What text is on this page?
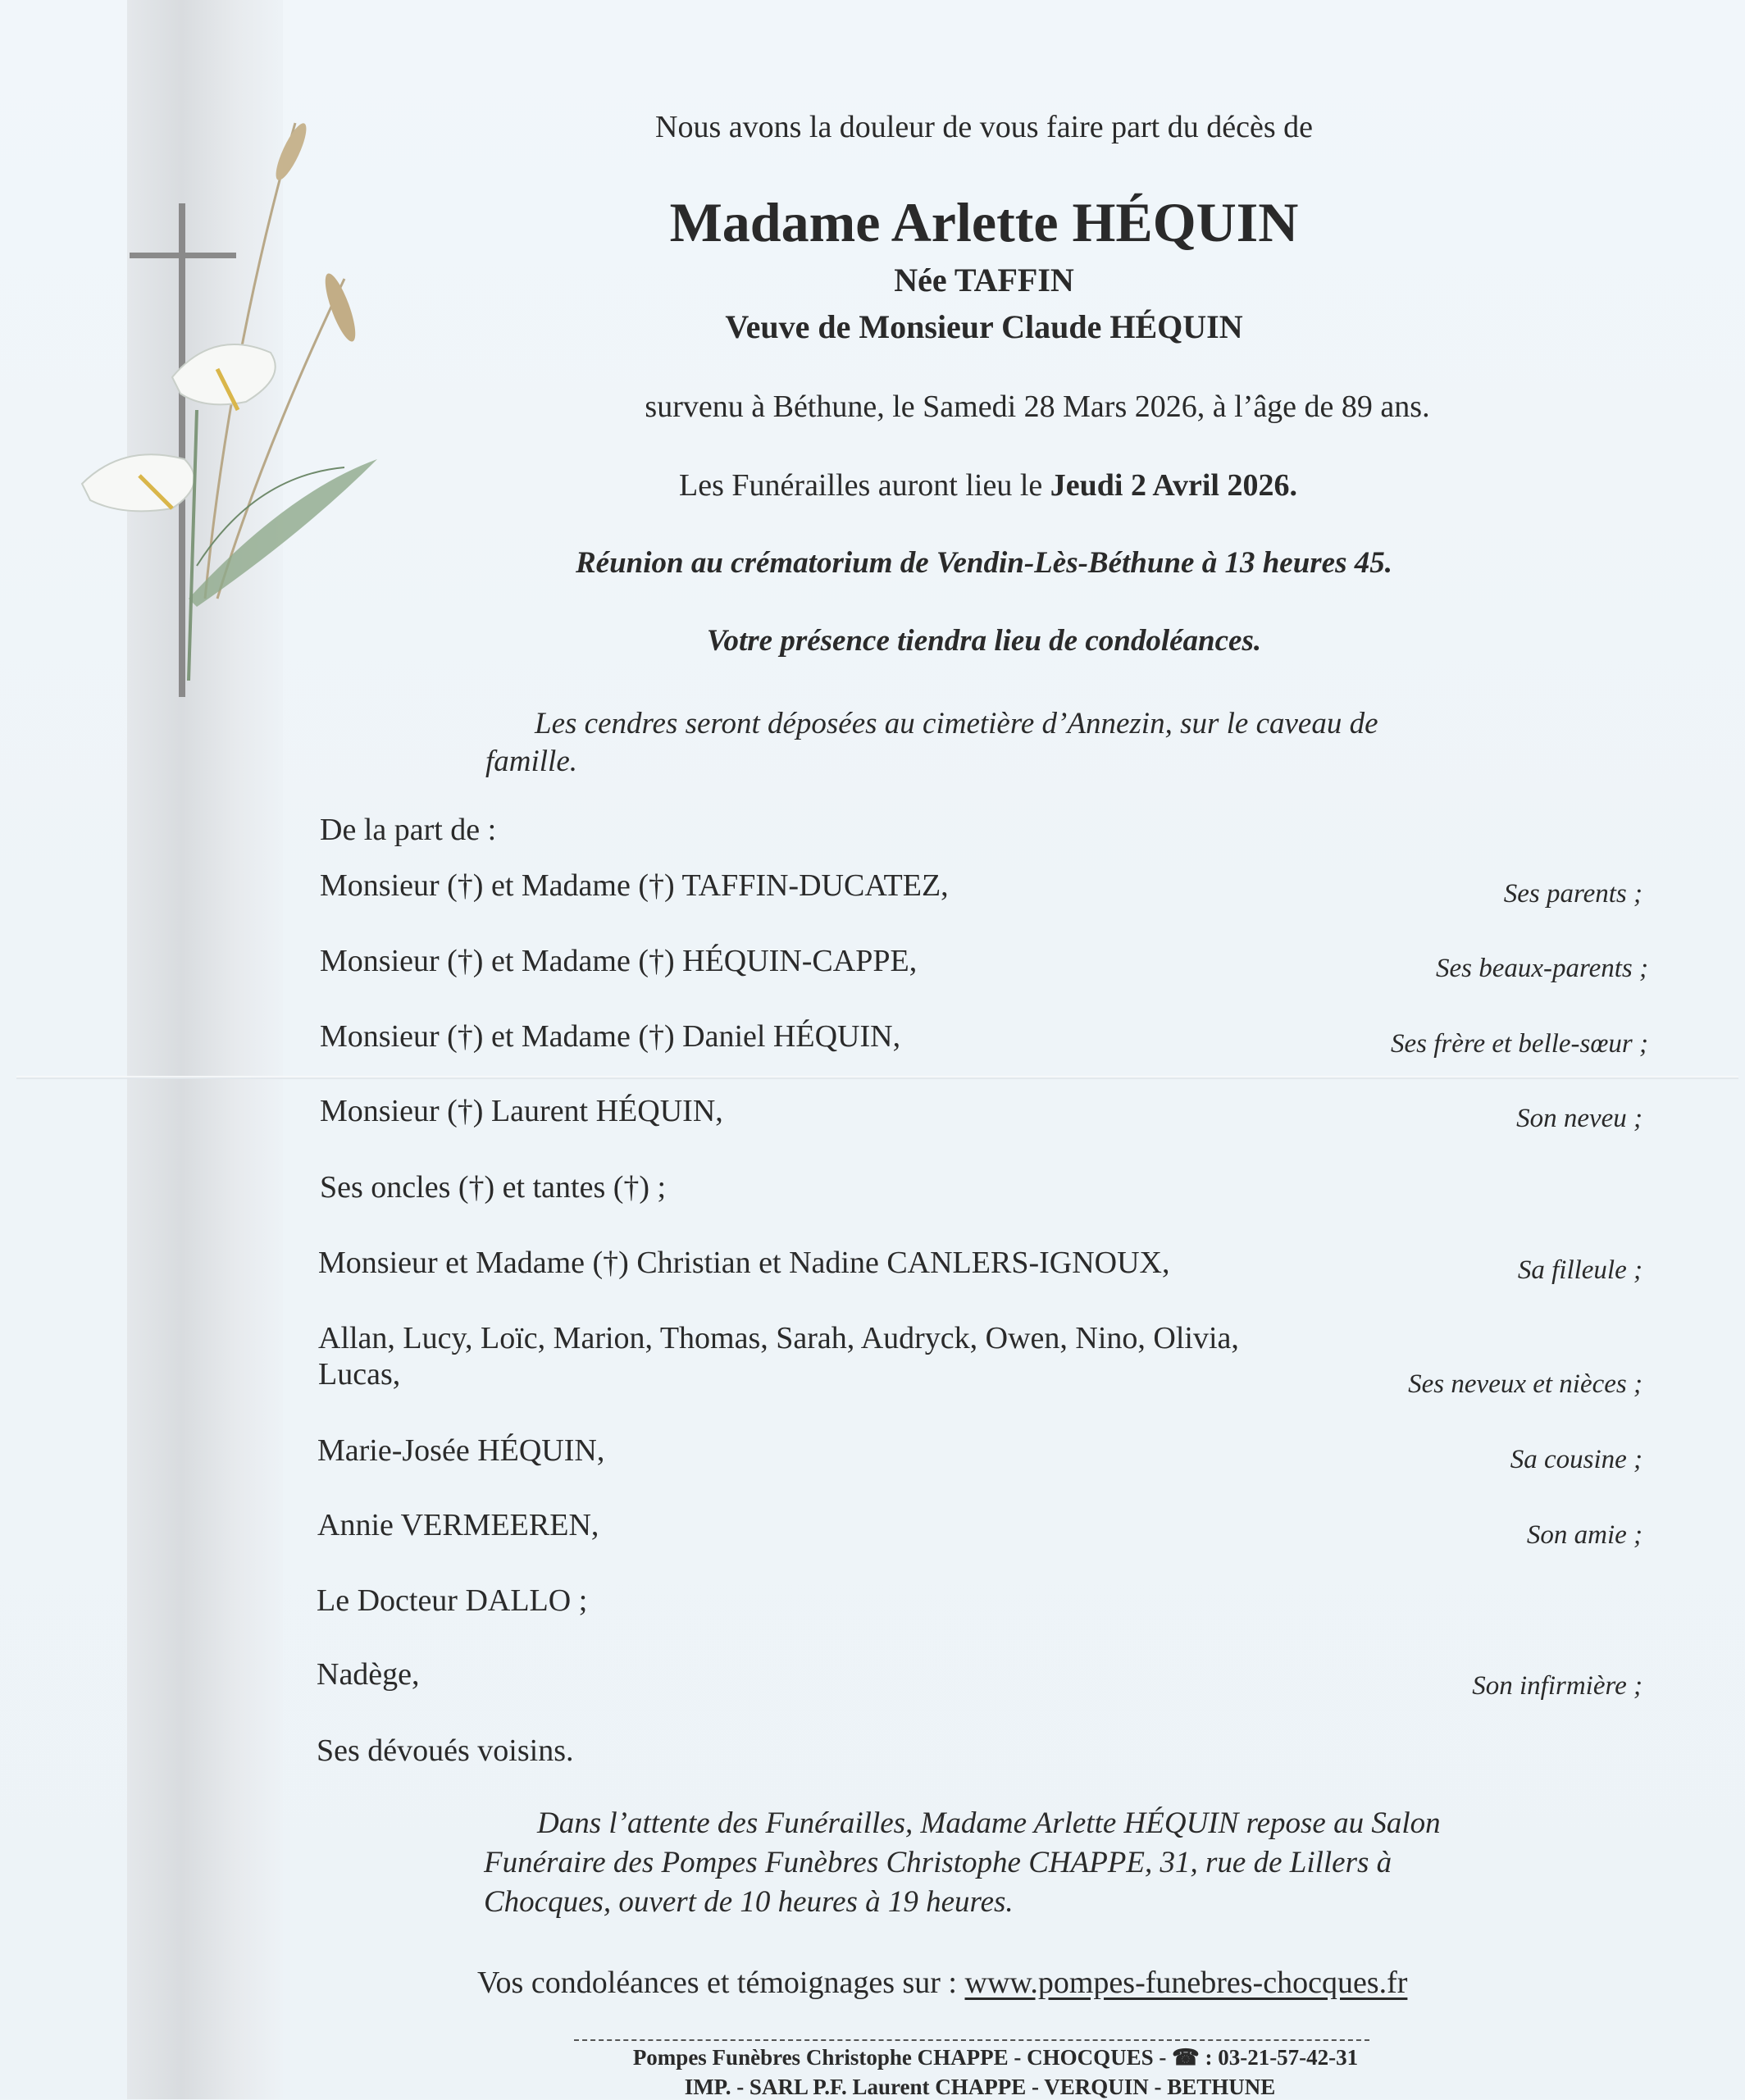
Nous avons la douleur de vous faire part du décès de
Madame Arlette HÉQUIN
Née TAFFIN
Veuve de Monsieur Claude HÉQUIN
survenu à Béthune, le Samedi 28 Mars 2026, à l’âge de 89 ans.
Les Funérailles auront lieu le Jeudi 2 Avril 2026.
Réunion au crématorium de Vendin-Lès-Béthune à 13 heures 45.
Votre présence tiendra lieu de condoléances.
Les cendres seront déposées au cimetière d’Annezin, sur le caveau de famille.
De la part de :
Monsieur (†) et Madame (†) TAFFIN-DUCATEZ,	Ses parents ;
Monsieur (†) et Madame (†) HÉQUIN-CAPPE,	Ses beaux-parents ;
Monsieur (†) et Madame (†) Daniel HÉQUIN,	Ses frère et belle-sœur ;
Monsieur (†) Laurent HÉQUIN,	Son neveu ;
Ses oncles (†) et tantes (†) ;
Monsieur et Madame (†) Christian et Nadine CANLERS-IGNOUX,	Sa filleule ;
Allan, Lucy, Loïc, Marion, Thomas, Sarah, Audryck, Owen, Nino, Olivia, Lucas,	Ses neveux et nièces ;
Marie-Josée HÉQUIN,	Sa cousine ;
Annie VERMEEREN,	Son amie ;
Le Docteur DALLO ;
Nadège,	Son infirmière ;
Ses dévoués voisins.
Dans l’attente des Funérailles, Madame Arlette HÉQUIN repose au Salon Funéraire des Pompes Funèbres Christophe CHAPPE, 31, rue de Lillers à Chocques, ouvert de 10 heures à 19 heures.
Vos condoléances et témoignages sur : www.pompes-funebres-chocques.fr
Pompes Funèbres Christophe CHAPPE - CHOCQUES - ☎ : 03-21-57-42-31
IMP. - SARL P.F. Laurent CHAPPE - VERQUIN - BETHUNE
